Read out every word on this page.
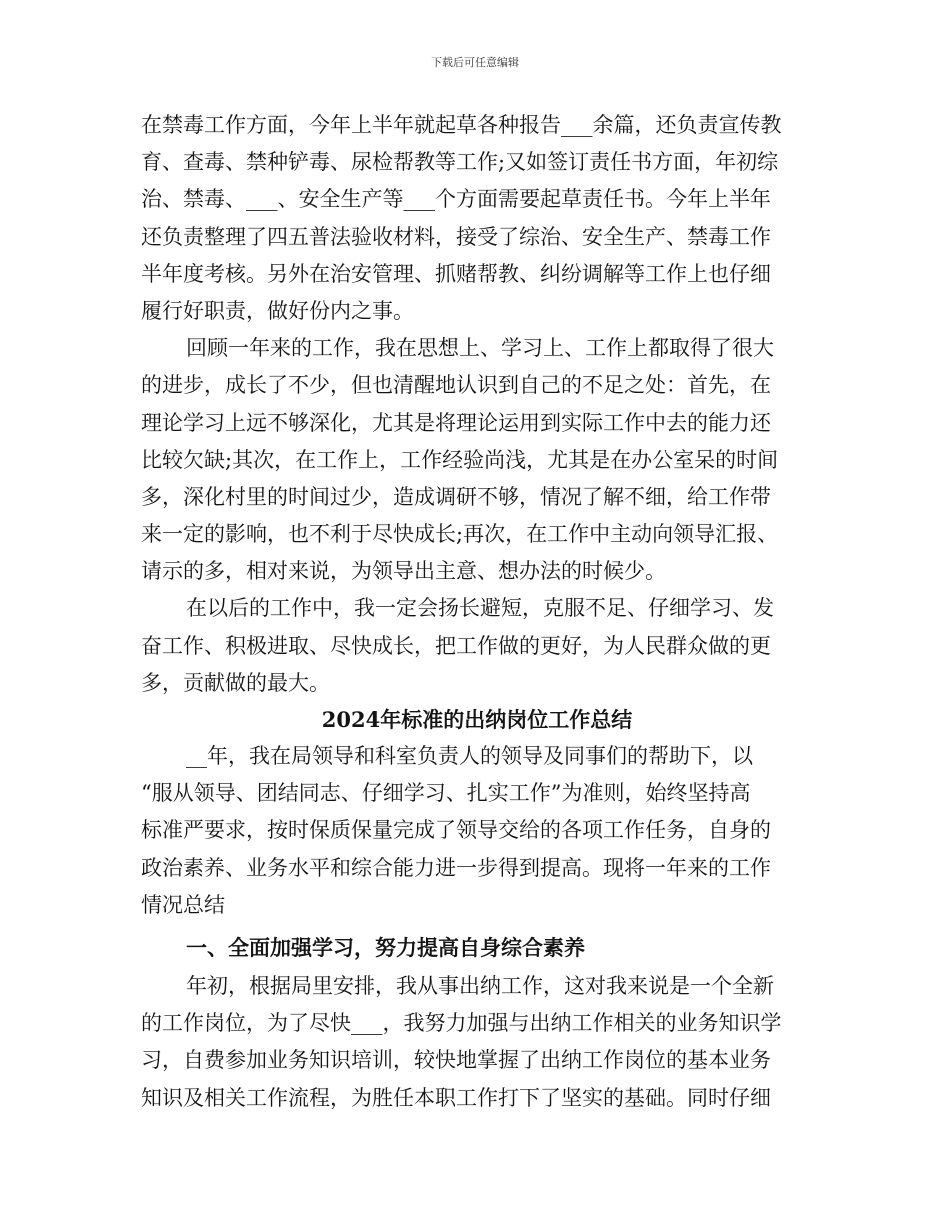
下载后可任意编辑
在禁毒工作方面，今年上半年就起草各种报告___余篇，还负责宣传教
育、查毒、禁种铲毒、尿检帮教等工作;又如签订责任书方面，年初综
治、禁毒、___、安全生产等___个方面需要起草责任书。今年上半年
还负责整理了四五普法验收材料，接受了综治、安全生产、禁毒工作
半年度考核。另外在治安管理、抓赌帮教、纠纷调解等工作上也仔细
履行好职责，做好份内之事。
回顾一年来的工作，我在思想上、学习上、工作上都取得了很大
的进步，成长了不少，但也清醒地认识到自己的不足之处：首先，在
理论学习上远不够深化，尤其是将理论运用到实际工作中去的能力还
比较欠缺;其次，在工作上，工作经验尚浅，尤其是在办公室呆的时间
多，深化村里的时间过少，造成调研不够，情况了解不细，给工作带
来一定的影响，也不利于尽快成长;再次，在工作中主动向领导汇报、
请示的多，相对来说，为领导出主意、想办法的时候少。
在以后的工作中，我一定会扬长避短，克服不足、仔细学习、发
奋工作、积极进取、尽快成长，把工作做的更好，为人民群众做的更
多，贡献做的最大。
2024年标准的出纳岗位工作总结
__年，我在局领导和科室负责人的领导及同事们的帮助下，以
“服从领导、团结同志、仔细学习、扎实工作”为准则，始终坚持高
标准严要求，按时保质保量完成了领导交给的各项工作任务，自身的
政治素养、业务水平和综合能力进一步得到提高。现将一年来的工作
情况总结
一、全面加强学习，努力提高自身综合素养
年初，根据局里安排，我从事出纳工作，这对我来说是一个全新
的工作岗位，为了尽快___，我努力加强与出纳工作相关的业务知识学
习，自费参加业务知识培训，较快地掌握了出纳工作岗位的基本业务
知识及相关工作流程，为胜任本职工作打下了坚实的基础。同时仔细
